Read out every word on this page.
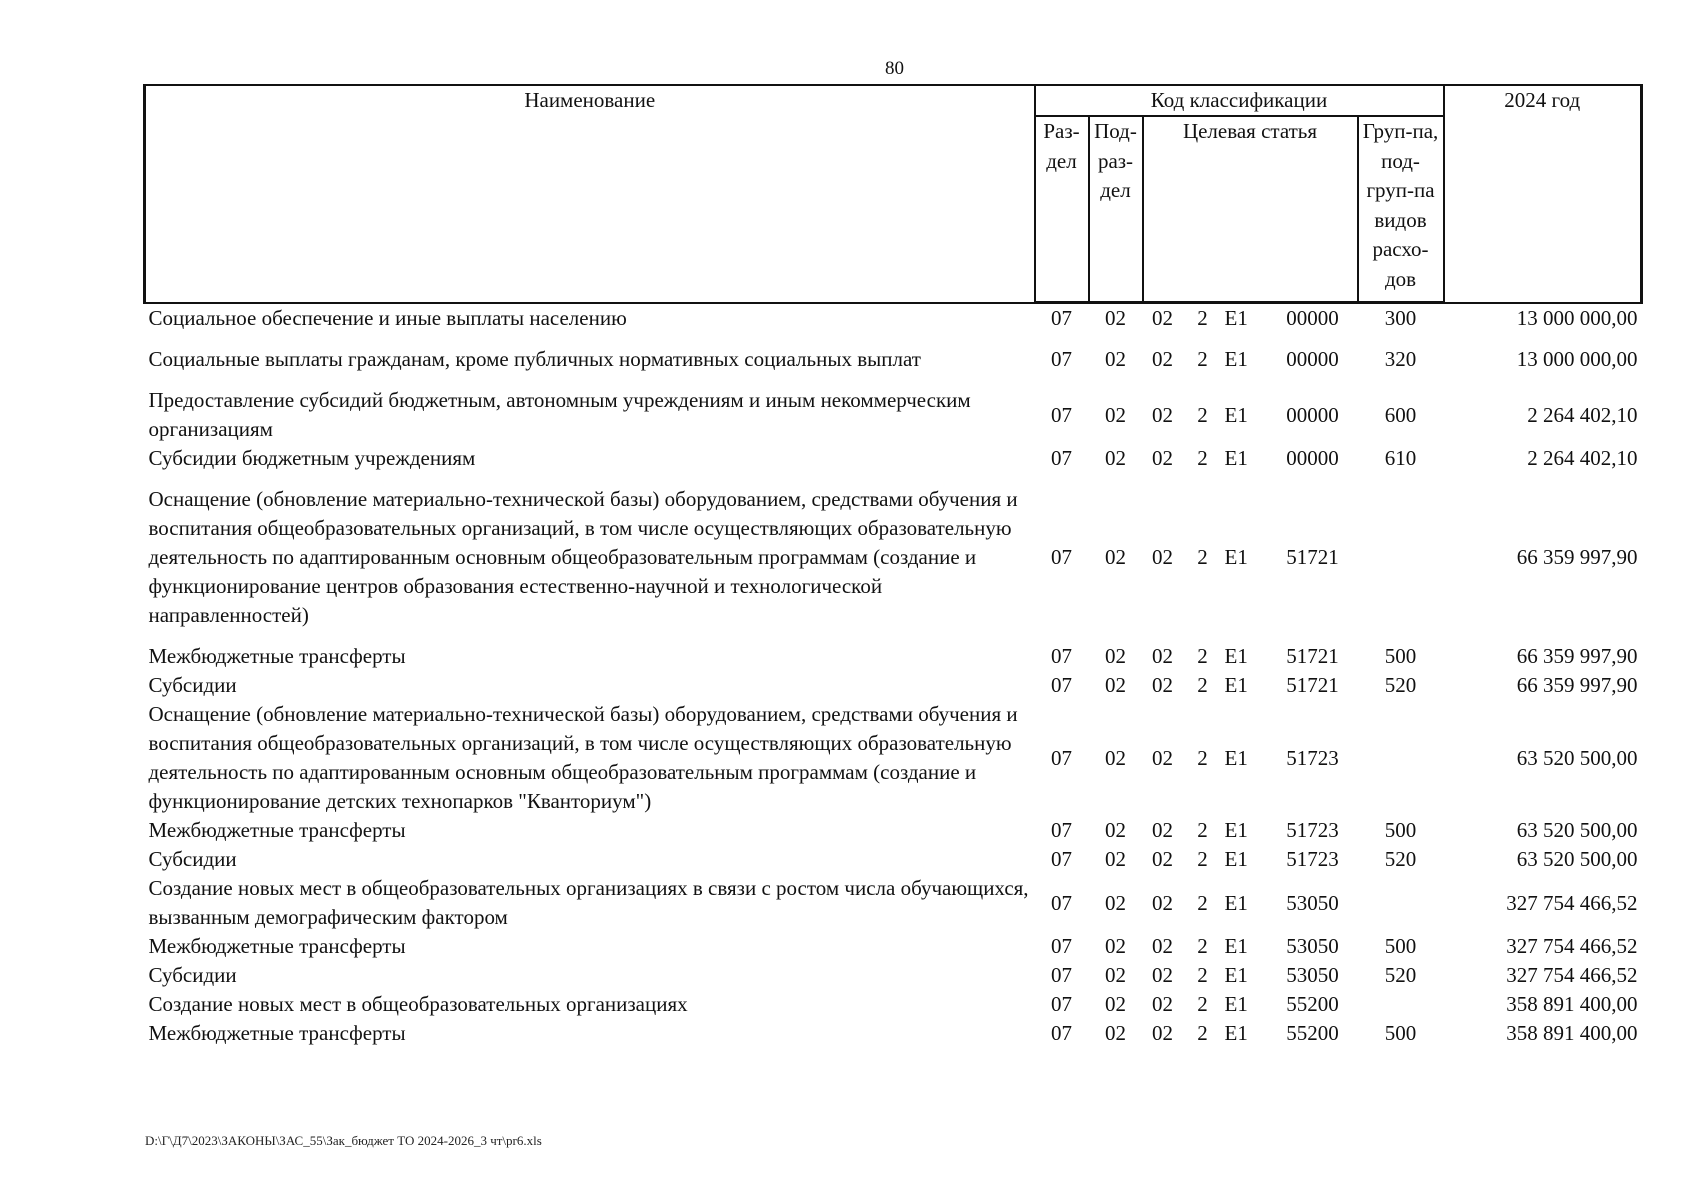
80
Наименование	Код классификации							2024 год
	Раз-дел	Под-раз-дел	Целевая статья				Груп-па, под-груп-па видов расхо-дов	
Социальное обеспечение и иные выплаты населению	07	02	02	2	E1	00000	300	13 000 000,00
Социальные выплаты гражданам, кроме публичных нормативных социальных выплат	07	02	02	2	E1	00000	320	13 000 000,00
Предоставление субсидий бюджетным, автономным учреждениям и иным некоммерческим организациям	07	02	02	2	E1	00000	600	2 264 402,10
Субсидии бюджетным учреждениям	07	02	02	2	E1	00000	610	2 264 402,10
Оснащение (обновление материально-технической базы) оборудованием, средствами обучения и воспитания общеобразовательных организаций, в том числе осуществляющих образовательную деятельность по адаптированным основным общеобразовательным программам (создание и функционирование центров образования естественно-научной и технологической направленностей)	07	02	02	2	E1	51721		66 359 997,90
Межбюджетные трансферты	07	02	02	2	E1	51721	500	66 359 997,90
Субсидии	07	02	02	2	E1	51721	520	66 359 997,90
Оснащение (обновление материально-технической базы) оборудованием, средствами обучения и воспитания общеобразовательных организаций, в том числе осуществляющих образовательную деятельность по адаптированным основным общеобразовательным программам (создание и функционирование детских технопарков "Кванториум")	07	02	02	2	E1	51723		63 520 500,00
Межбюджетные трансферты	07	02	02	2	E1	51723	500	63 520 500,00
Субсидии	07	02	02	2	E1	51723	520	63 520 500,00
Создание новых мест в общеобразовательных организациях в связи с ростом числа обучающихся, вызванным демографическим фактором	07	02	02	2	E1	53050		327 754 466,52
Межбюджетные трансферты	07	02	02	2	E1	53050	500	327 754 466,52
Субсидии	07	02	02	2	E1	53050	520	327 754 466,52
Создание новых мест в общеобразовательных организациях	07	02	02	2	E1	55200		358 891 400,00
Межбюджетные трансферты	07	02	02	2	E1	55200	500	358 891 400,00
D:\Г\Д7\2023\ЗАКОНЫ\ЗАС_55\Зак_бюджет ТО 2024-2026_3 чт\pr6.xls
